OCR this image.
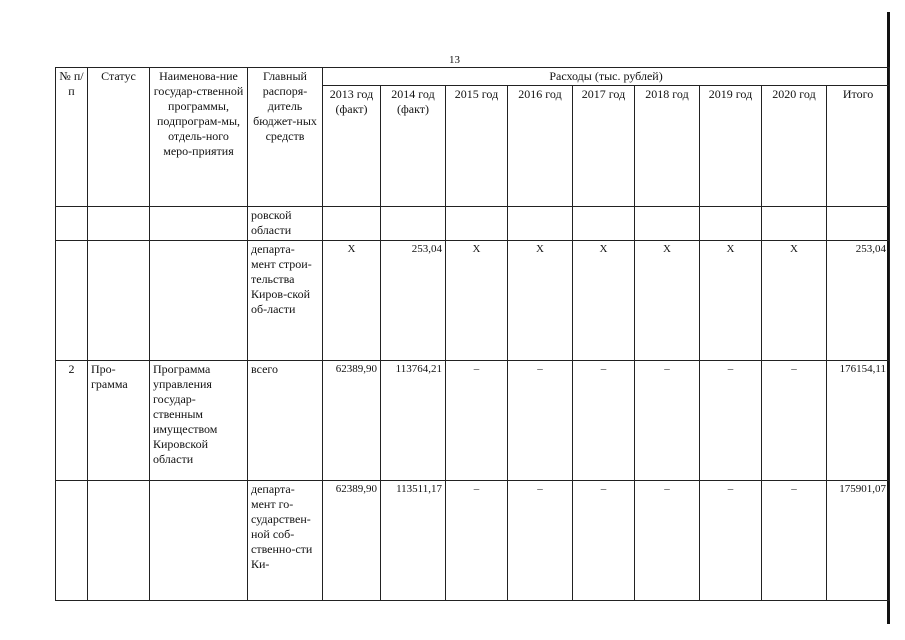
13
№ п/п	Статус	Наименова-ние государ-ственной программы, подпрограм-мы, отдель-ного меро-приятия	Главный распоря-дитель бюджет-ных средств	Расходы (тыс. рублей)								
				2013 год (факт)	2014 год (факт)	2015 год	2016 год	2017 год	2018 год	2019 год	2020 год	Итого
			ровской области									
			департа-мент строи-тельства Киров-ской об-ласти	X	253,04	X	X	X	X	X	X	253,04
2	Про-грамма	Программа управления государ-ственным имуществом Кировской области	всего	62389,90	113764,21	–	–	–	–	–	–	176154,11
			департа-мент го-сударствен-ной соб-ственно-сти Ки-	62389,90	113511,17	–	–	–	–	–	–	175901,07
